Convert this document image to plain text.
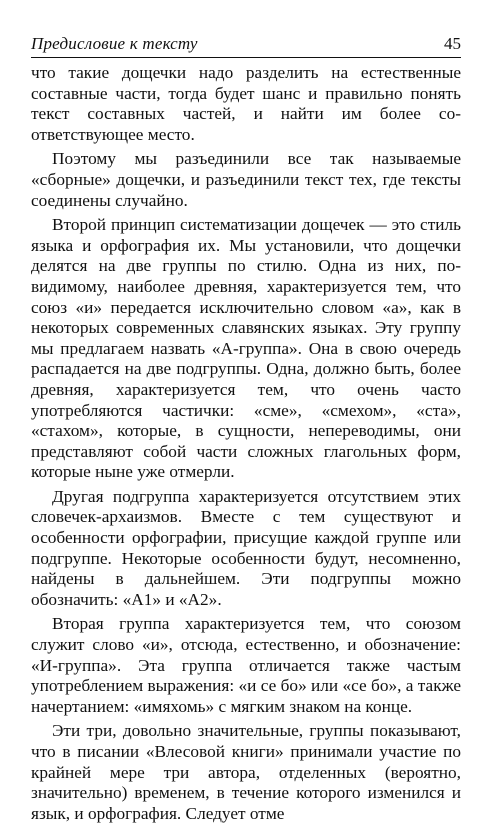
Предисловие к тексту	45

что такие дощечки надо разделить на естественные составные части, тогда будет шанс и правильно понять текст составных частей, и найти им более соответствующее место.

Поэтому мы разъединили все так называемые «сборные» дощечки, и разъединили текст тех, где тексты соединены случайно.

Второй принцип систематизации дощечек — это стиль языка и орфография их. Мы установили, что дощечки делятся на две группы по стилю. Одна из них, по-видимому, наиболее древняя, характеризуется тем, что союз «и» передается исключительно словом «а», как в некоторых современных славянских языках. Эту группу мы предлагаем назвать «А-группа». Она в свою очередь распадается на две подгруппы. Одна, должно быть, более древняя, характеризуется тем, что очень часто употребляются частички: «сме», «смехом», «ста», «стахом», которые, в сущности, непереводимы, они представляют собой части сложных глагольных форм, которые ныне уже отмерли.

Другая подгруппа характеризуется отсутствием этих словечек-архаизмов. Вместе с тем существуют и особенности орфографии, присущие каждой группе или подгруппе. Некоторые особенности будут, несомненно, найдены в дальнейшем. Эти подгруппы можно обозначить: «А1» и «А2».

Вторая группа характеризуется тем, что союзом служит слово «и», отсюда, естественно, и обозначение: «И-группа». Эта группа отличается также частым употреблением выражения: «и се бо» или «се бо», а также начертанием: «имяхомь» с мягким знаком на конце.

Эти три, довольно значительные, группы показывают, что в писании «Влесовой книги» принимали участие по крайней мере три автора, отделенных (вероятно, значительно) временем, в течение которого изменился и язык, и орфография. Следует отме
